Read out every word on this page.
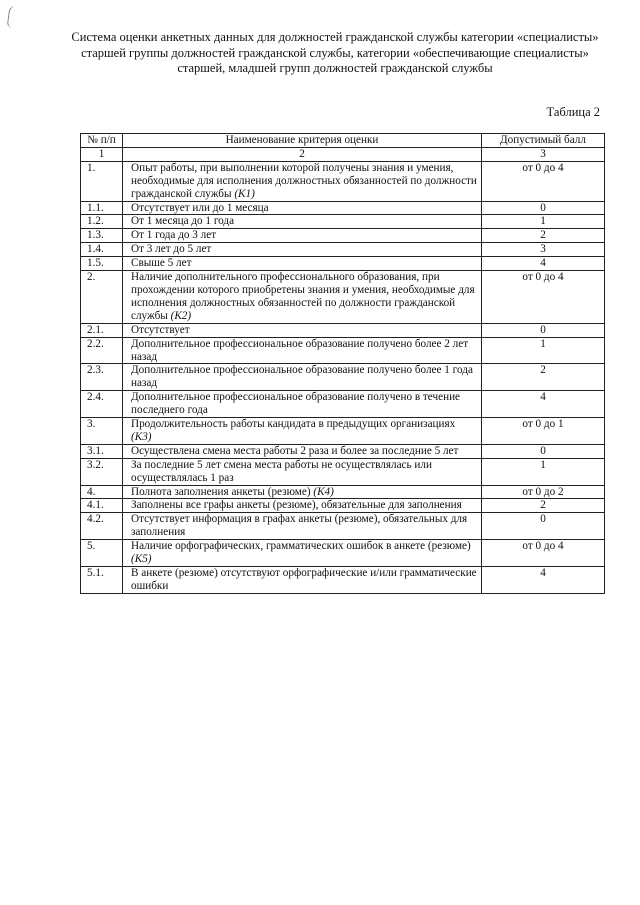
Система оценки анкетных данных для должностей гражданской службы категории «специалисты» старшей группы должностей гражданской службы, категории «обеспечивающие специалисты» старшей, младшей групп должностей гражданской службы
Таблица 2
№ п/п	Наименование критерия оценки	Допустимый балл
1	2	3
1.	Опыт работы, при выполнении которой получены знания и умения, необходимые для исполнения должностных обязанностей по должности гражданской службы (K1)	от 0 до 4
1.1.	Отсутствует или до 1 месяца	0
1.2.	От 1 месяца до 1 года	1
1.3.	От 1 года до 3 лет	2
1.4.	От 3 лет до 5 лет	3
1.5.	Свыше 5 лет	4
2.	Наличие дополнительного профессионального образования, при прохождении которого приобретены знания и умения, необходимые для исполнения должностных обязанностей по должности гражданской службы (K2)	от 0 до 4
2.1.	Отсутствует	0
2.2.	Дополнительное профессиональное образование получено более 2 лет назад	1
2.3.	Дополнительное профессиональное образование получено более 1 года назад	2
2.4.	Дополнительное профессиональное образование получено в течение последнего года	4
3.	Продолжительность работы кандидата в предыдущих организациях (K3)	от 0 до 1
3.1.	Осуществлена смена места работы 2 раза и более за последние 5 лет	0
3.2.	За последние 5 лет смена места работы не осуществлялась или осуществлялась 1 раз	1
4.	Полнота заполнения анкеты (резюме) (K4)	от 0 до 2
4.1.	Заполнены все графы анкеты (резюме), обязательные для заполнения	2
4.2.	Отсутствует информация в графах анкеты (резюме), обязательных для заполнения	0
5.	Наличие орфографических, грамматических ошибок в анкете (резюме) (K5)	от 0 до 4
5.1.	В анкете (резюме) отсутствуют орфографические и/или грамматические ошибки	4
